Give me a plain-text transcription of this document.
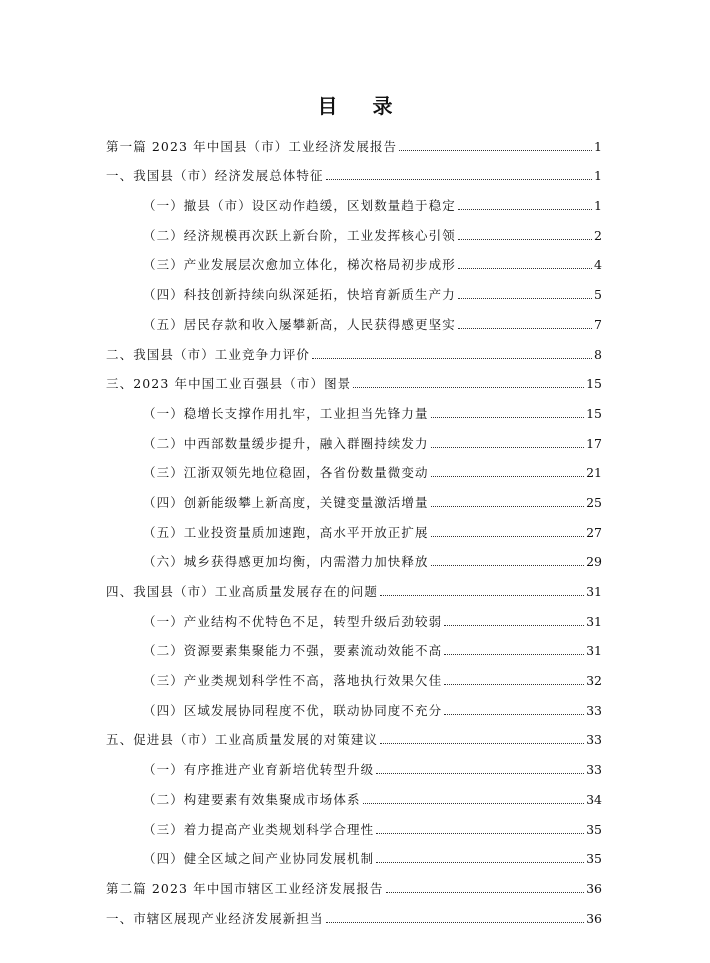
目 录
第一篇 2023 年中国县（市）工业经济发展报告	1
一、我国县（市）经济发展总体特征	1
（一）撤县（市）设区动作趋缓，区划数量趋于稳定	1
（二）经济规模再次跃上新台阶，工业发挥核心引领	2
（三）产业发展层次愈加立体化，梯次格局初步成形	4
（四）科技创新持续向纵深延拓，快培育新质生产力	5
（五）居民存款和收入屡攀新高，人民获得感更坚实	7
二、我国县（市）工业竞争力评价	8
三、2023 年中国工业百强县（市）图景	15
（一）稳增长支撑作用扎牢，工业担当先锋力量	15
（二）中西部数量缓步提升，融入群圈持续发力	17
（三）江浙双领先地位稳固，各省份数量微变动	21
（四）创新能级攀上新高度，关键变量激活增量	25
（五）工业投资量质加速跑，高水平开放正扩展	27
（六）城乡获得感更加均衡，内需潜力加快释放	29
四、我国县（市）工业高质量发展存在的问题	31
（一）产业结构不优特色不足，转型升级后劲较弱	31
（二）资源要素集聚能力不强，要素流动效能不高	31
（三）产业类规划科学性不高，落地执行效果欠佳	32
（四）区域发展协同程度不优，联动协同度不充分	33
五、促进县（市）工业高质量发展的对策建议	33
（一）有序推进产业育新培优转型升级	33
（二）构建要素有效集聚成市场体系	34
（三）着力提高产业类规划科学合理性	35
（四）健全区域之间产业协同发展机制	35
第二篇 2023 年中国市辖区工业经济发展报告	36
一、市辖区展现产业经济发展新担当	36
